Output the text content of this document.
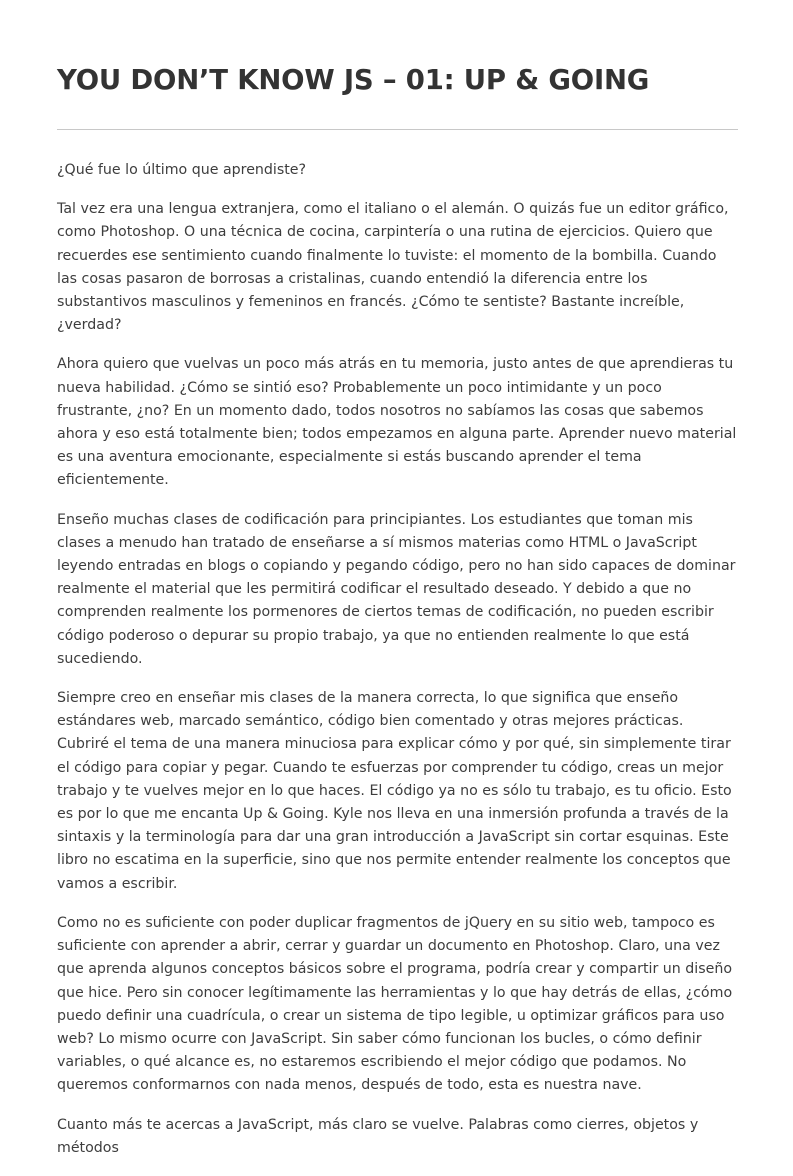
YOU DON’T KNOW JS – 01: UP & GOING

¿Qué fue lo último que aprendiste?

Tal vez era una lengua extranjera, como el italiano o el alemán. O quizás fue un editor gráfico, como Photoshop. O una técnica de cocina, carpintería o una rutina de ejercicios. Quiero que recuerdes ese sentimiento cuando finalmente lo tuviste: el momento de la bombilla. Cuando las cosas pasaron de borrosas a cristalinas, cuando entendió la diferencia entre los substantivos masculinos y femeninos en francés. ¿Cómo te sentiste? Bastante increíble, ¿verdad?

Ahora quiero que vuelvas un poco más atrás en tu memoria, justo antes de que aprendieras tu nueva habilidad. ¿Cómo se sintió eso? Probablemente un poco intimidante y un poco frustrante, ¿no? En un momento dado, todos nosotros no sabíamos las cosas que sabemos ahora y eso está totalmente bien; todos empezamos en alguna parte. Aprender nuevo material es una aventura emocionante, especialmente si estás buscando aprender el tema eficientemente.

Enseño muchas clases de codificación para principiantes. Los estudiantes que toman mis clases a menudo han tratado de enseñarse a sí mismos materias como HTML o JavaScript leyendo entradas en blogs o copiando y pegando código, pero no han sido capaces de dominar realmente el material que les permitirá codificar el resultado deseado. Y debido a que no comprenden realmente los pormenores de ciertos temas de codificación, no pueden escribir código poderoso o depurar su propio trabajo, ya que no entienden realmente lo que está sucediendo.

Siempre creo en enseñar mis clases de la manera correcta, lo que significa que enseño estándares web, marcado semántico, código bien comentado y otras mejores prácticas. Cubriré el tema de una manera minuciosa para explicar cómo y por qué, sin simplemente tirar el código para copiar y pegar. Cuando te esfuerzas por comprender tu código, creas un mejor trabajo y te vuelves mejor en lo que haces. El código ya no es sólo tu trabajo, es tu oficio. Esto es por lo que me encanta Up & Going. Kyle nos lleva en una inmersión profunda a través de la sintaxis y la terminología para dar una gran introducción a JavaScript sin cortar esquinas. Este libro no escatima en la superficie, sino que nos permite entender realmente los conceptos que vamos a escribir.

Como no es suficiente con poder duplicar fragmentos de jQuery en su sitio web, tampoco es suficiente con aprender a abrir, cerrar y guardar un documento en Photoshop. Claro, una vez que aprenda algunos conceptos básicos sobre el programa, podría crear y compartir un diseño que hice. Pero sin conocer legítimamente las herramientas y lo que hay detrás de ellas, ¿cómo puedo definir una cuadrícula, o crear un sistema de tipo legible, u optimizar gráficos para uso web? Lo mismo ocurre con JavaScript. Sin saber cómo funcionan los bucles, o cómo definir variables, o qué alcance es, no estaremos escribiendo el mejor código que podamos. No queremos conformarnos con nada menos, después de todo, esta es nuestra nave.

Cuanto más te acercas a JavaScript, más claro se vuelve. Palabras como cierres, objetos y métodos
